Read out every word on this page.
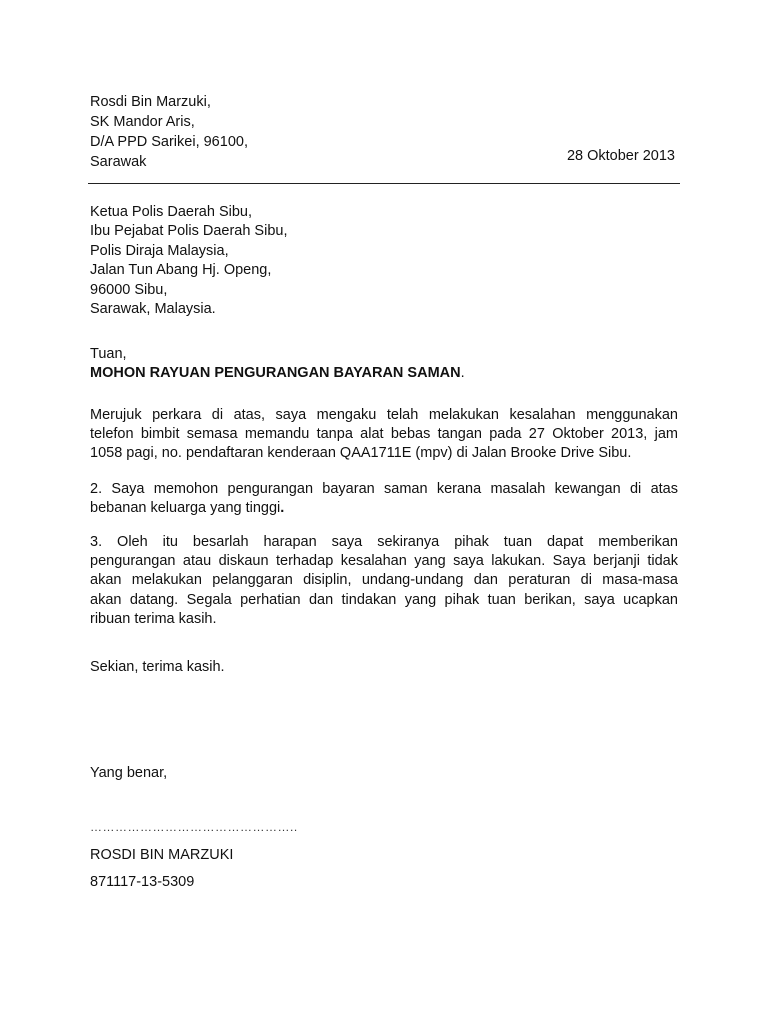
Rosdi Bin Marzuki,
SK Mandor Aris,
D/A PPD Sarikei, 96100,
Sarawak	28 Oktober 2013
Ketua Polis Daerah Sibu,
Ibu Pejabat Polis Daerah Sibu,
Polis Diraja Malaysia,
Jalan Tun Abang Hj. Openg,
96000 Sibu,
Sarawak, Malaysia.
Tuan,
MOHON RAYUAN PENGURANGAN BAYARAN SAMAN.
Merujuk perkara di atas, saya mengaku telah melakukan kesalahan menggunakan
telefon bimbit semasa memandu tanpa alat bebas tangan pada 27 Oktober 2013, jam
1058 pagi, no. pendaftaran kenderaan QAA1711E (mpv) di Jalan Brooke Drive Sibu.
2. Saya memohon pengurangan bayaran saman kerana masalah kewangan di atas
bebanan keluarga yang tinggi.
3. Oleh itu besarlah harapan saya sekiranya pihak tuan dapat memberikan
pengurangan atau diskaun terhadap kesalahan yang saya lakukan. Saya berjanji tidak
akan melakukan pelanggaran disiplin, undang-undang dan peraturan di masa-masa
akan datang. Segala perhatian dan tindakan yang pihak tuan berikan, saya ucapkan
ribuan terima kasih.
Sekian, terima kasih.
Yang benar,
…………………………………………..
ROSDI BIN MARZUKI
871117-13-5309
